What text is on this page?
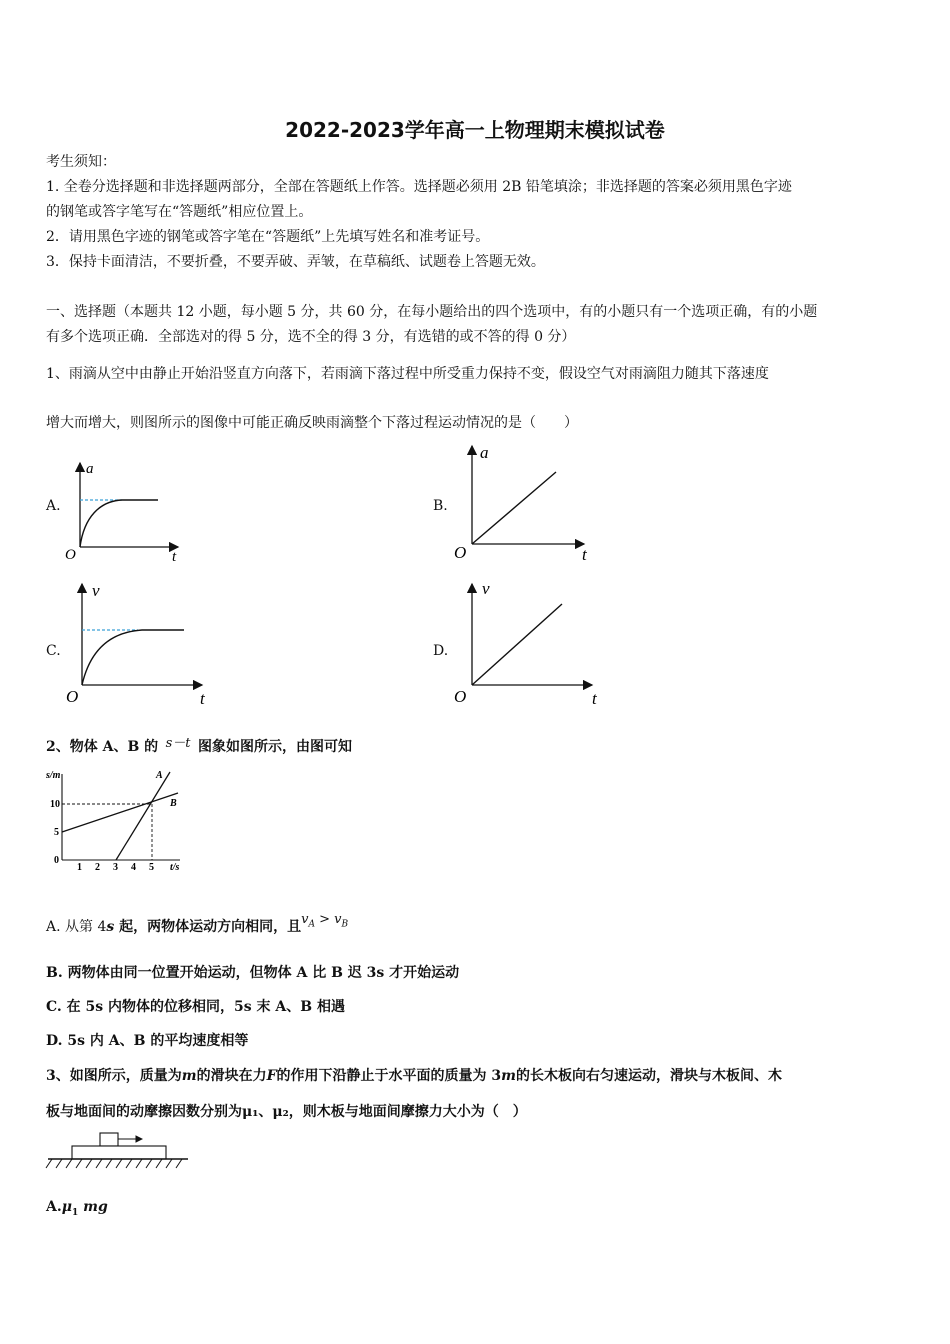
2022-2023学年高一上物理期末模拟试卷
考生须知：
1. 全卷分选择题和非选择题两部分，全部在答题纸上作答。选择题必须用 2B 铅笔填涂；非选择题的答案必须用黑色字迹
的钢笔或答字笔写在“答题纸”相应位置上。
2．请用黑色字迹的钢笔或答字笔在“答题纸”上先填写姓名和准考证号。
3．保持卡面清洁，不要折叠，不要弄破、弄皱，在草稿纸、试题卷上答题无效。
一、选择题（本题共 12 小题，每小题 5 分，共 60 分，在每小题给出的四个选项中，有的小题只有一个选项正确，有的小题
有多个选项正确．全部选对的得 5 分，选不全的得 3 分，有选错的或不答的得 0 分）
1、雨滴从空中由静止开始沿竖直方向落下，若雨滴下落过程中所受重力保持不变，假设空气对雨滴阻力随其下落速度
增大而增大，则图所示的图像中可能正确反映雨滴整个下落过程运动情况的是（　　）
A.
a
O	t
B.
a
O	t
C.
v
O	t
D.
v
O	t
2、物体 A、B 的 s－t 图象如图所示，由图可知
s/m
t/s
10
5
0
1 2 3 4 5
A
B
A. 从第 4s 起，两物体运动方向相同，且$v_A > v_B$
B. 两物体由同一位置开始运动，但物体 A 比 B 迟 3s 才开始运动
C. 在 5s 内物体的位移相同，5s 末 A、B 相遇
D. 5s 内 A、B 的平均速度相等
3、如图所示，质量为m的滑块在力F的作用下沿静止于水平面的质量为 3m的长木板向右匀速运动，滑块与木板间、木
板与地面间的动摩擦因数分别为μ₁、μ₂，则木板与地面间摩擦力大小为（　）
$A.\mu_1$ mg
